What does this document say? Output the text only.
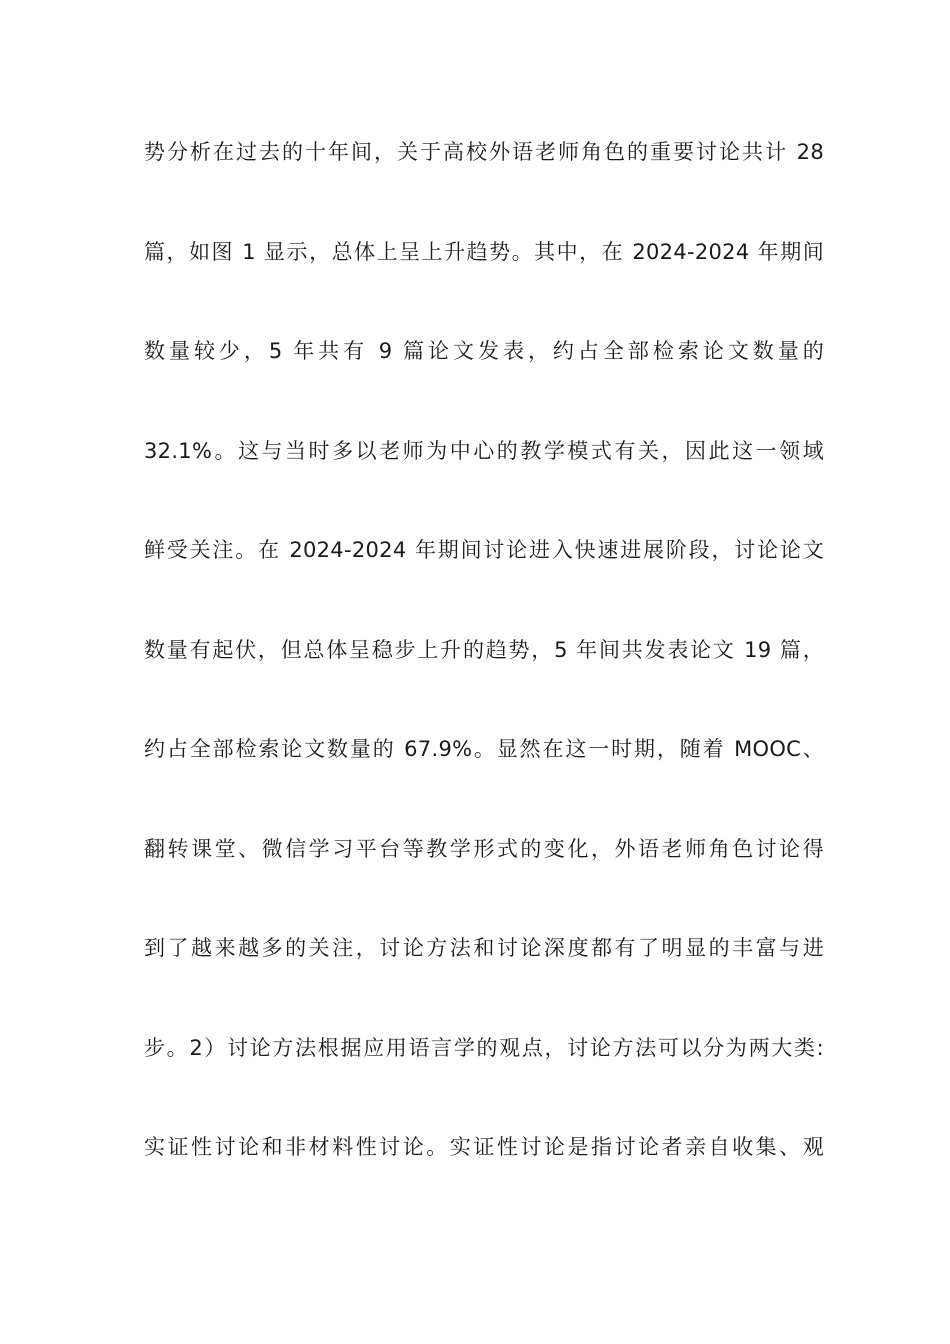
势分析在过去的十年间，关于高校外语老师角色的重要讨论共计 28
篇，如图 1 显示，总体上呈上升趋势。其中，在 2024-2024 年期间
数量较少，5 年共有 9 篇论文发表，约占全部检索论文数量的
32.1%。这与当时多以老师为中心的教学模式有关，因此这一领域
鲜受关注。在 2024-2024 年期间讨论进入快速进展阶段，讨论论文
数量有起伏，但总体呈稳步上升的趋势，5 年间共发表论文 19 篇，
约占全部检索论文数量的 67.9%。显然在这一时期，随着 MOOC、
翻转课堂、微信学习平台等教学形式的变化，外语老师角色讨论得
到了越来越多的关注，讨论方法和讨论深度都有了明显的丰富与进
步。2）讨论方法根据应用语言学的观点，讨论方法可以分为两大类:
实证性讨论和非材料性讨论。实证性讨论是指讨论者亲自收集、观
